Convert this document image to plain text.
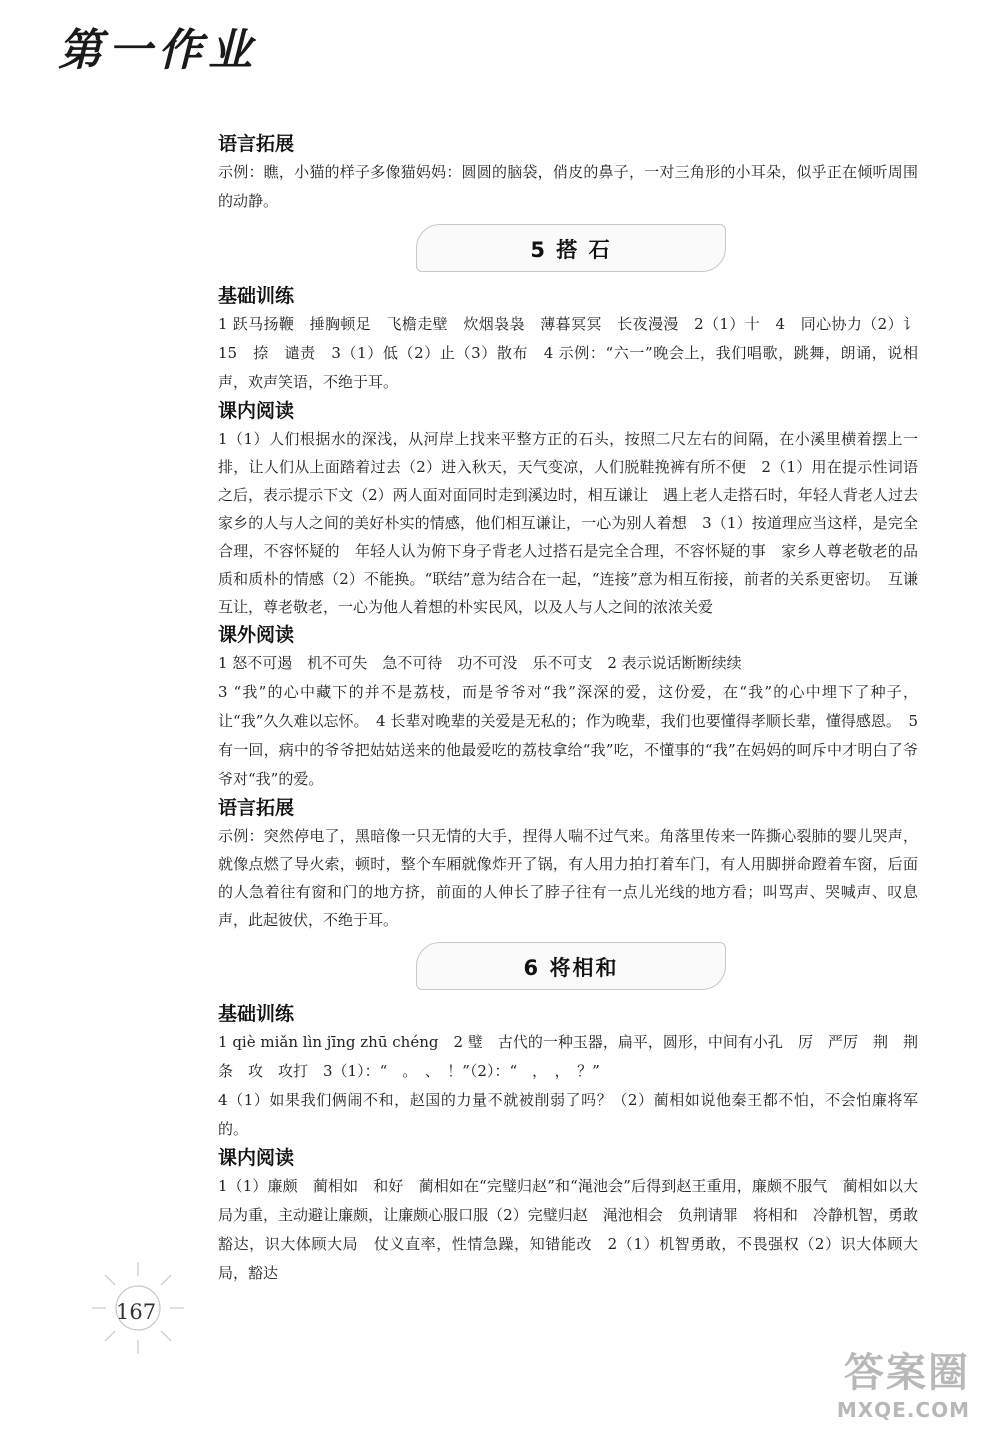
第一作业
语言拓展

示例：瞧，小猫的样子多像猫妈妈：圆圆的脑袋，俏皮的鼻子，一对三角形的小耳朵，似乎正在倾听周围的动静。

5 搭 石
基础训练

1 跃马扬鞭　捶胸顿足　飞檐走壁　炊烟袅袅　薄暮冥冥　长夜漫漫　2（1）十　4　同心协力（2）讠　15　捺　谴责　3（1）低（2）止（3）散布　4 示例：“六一”晚会上，我们唱歌，跳舞，朗诵，说相声，欢声笑语，不绝于耳。

课内阅读

1（1）人们根据水的深浅，从河岸上找来平整方正的石头，按照二尺左右的间隔，在小溪里横着摆上一排，让人们从上面踏着过去（2）进入秋天，天气变凉，人们脱鞋挽裤有所不便　2（1）用在提示性词语之后，表示提示下文（2）两人面对面同时走到溪边时，相互谦让　遇上老人走搭石时，年轻人背老人过去　家乡的人与人之间的美好朴实的情感，他们相互谦让，一心为别人着想　3（1）按道理应当这样，是完全合理，不容怀疑的　年轻人认为俯下身子背老人过搭石是完全合理，不容怀疑的事　家乡人尊老敬老的品质和质朴的情感（2）不能换。“联结”意为结合在一起，“连接”意为相互衔接，前者的关系更密切。　互谦互让，尊老敬老，一心为他人着想的朴实民风，以及人与人之间的浓浓关爱

课外阅读

1 怒不可遏　机不可失　急不可待　功不可没　乐不可支　2 表示说话断断续续

3 “我”的心中藏下的并不是荔枝，而是爷爷对“我”深深的爱，这份爱，在“我”的心中埋下了种子，让“我”久久难以忘怀。　4 长辈对晚辈的关爱是无私的；作为晚辈，我们也要懂得孝顺长辈，懂得感恩。　5 有一回，病中的爷爷把姑姑送来的他最爱吃的荔枝拿给“我”吃，不懂事的“我”在妈妈的呵斥中才明白了爷爷对“我”的爱。

语言拓展

示例：突然停电了，黑暗像一只无情的大手，捏得人喘不过气来。角落里传来一阵撕心裂肺的婴儿哭声，就像点燃了导火索，顿时，整个车厢就像炸开了锅，有人用力拍打着车门，有人用脚拼命蹬着车窗，后面的人急着往有窗和门的地方挤，前面的人伸长了脖子往有一点儿光线的地方看；叫骂声、哭喊声、叹息声，此起彼伏，不绝于耳。

6 将相和
基础训练

1 qiè miǎn lìn jīng zhū chéng　2 璧　古代的一种玉器，扁平，圆形，中间有小孔　厉　严厉　荆　荆条　攻　攻打　3（1）：“　。　、　！”（2）：“　，　，　？”

4（1）如果我们俩闹不和，赵国的力量不就被削弱了吗？（2）蔺相如说他秦王都不怕，不会怕廉将军的。

课内阅读

1（1）廉颇　蔺相如　和好　蔺相如在“完璧归赵”和“渑池会”后得到赵王重用，廉颇不服气　蔺相如以大局为重，主动避让廉颇，让廉颇心服口服（2）完璧归赵　渑池相会　负荆请罪　将相和　冷静机智，勇敢豁达，识大体顾大局　仗义直率，性情急躁，知错能改　2（1）机智勇敢，不畏强权（2）识大体顾大局，豁达

167
答案圈
MXQE.COM
